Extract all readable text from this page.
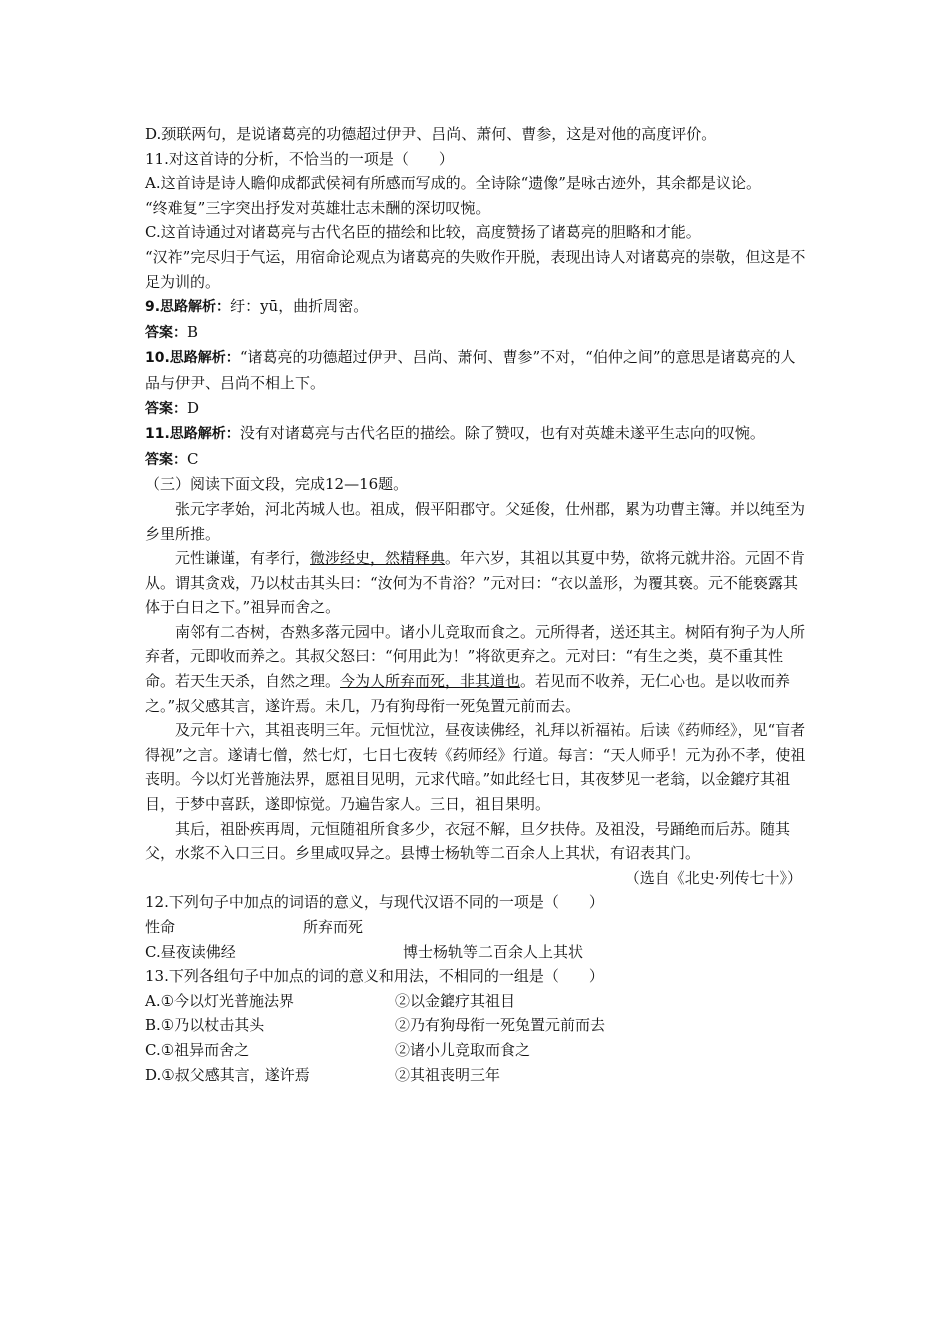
D.颈联两句，是说诸葛亮的功德超过伊尹、吕尚、萧何、曹参，这是对他的高度评价。
11.对这首诗的分析，不恰当的一项是（　　）
A.这首诗是诗人瞻仰成都武侯祠有所感而写成的。全诗除“遗像”是咏古迹外，其余都是议论。
“终难复”三字突出抒发对英雄壮志未酬的深切叹惋。
C.这首诗通过对诸葛亮与古代名臣的描绘和比较，高度赞扬了诸葛亮的胆略和才能。
“汉祚”完尽归于气运，用宿命论观点为诸葛亮的失败作开脱，表现出诗人对诸葛亮的崇敬，但这是不足为训的。
9.思路解析：纡：yū，曲折周密。
答案：B
10.思路解析：“诸葛亮的功德超过伊尹、吕尚、萧何、曹参”不对，“伯仲之间”的意思是诸葛亮的人品与伊尹、吕尚不相上下。
答案：D
11.思路解析：没有对诸葛亮与古代名臣的描绘。除了赞叹，也有对英雄未遂平生志向的叹惋。
答案：C
（三）阅读下面文段，完成12—16题。
张元字孝始，河北芮城人也。祖成，假平阳郡守。父延俊，仕州郡，累为功曹主簿。并以纯至为乡里所推。
元性谦谨，有孝行，微涉经史，然精释典。年六岁，其祖以其夏中势，欲将元就井浴。元固不肯从。谓其贪戏，乃以杖击其头曰：“汝何为不肯浴？”元对曰：“衣以盖形，为覆其亵。元不能亵露其体于白日之下。”祖异而舍之。
南邻有二杏树，杏熟多落元园中。诸小儿竞取而食之。元所得者，送还其主。树陌有狗子为人所弃者，元即收而养之。其叔父怒曰：“何用此为！”将欲更弃之。元对曰：“有生之类，莫不重其性命。若天生天杀，自然之理。今为人所弃而死，非其道也。若见而不收养，无仁心也。是以收而养之。”叔父感其言，遂许焉。未几，乃有狗母衔一死兔置元前而去。
及元年十六，其祖丧明三年。元恒忧泣，昼夜读佛经，礼拜以祈福祐。后读《药师经》，见“盲者得视”之言。遂请七僧，然七灯，七日七夜转《药师经》行道。每言：“天人师乎！元为孙不孝，使祖丧明。今以灯光普施法界，愿祖目见明，元求代暗。”如此经七日，其夜梦见一老翁，以金鎞疗其祖目，于梦中喜跃，遂即惊觉。乃遍告家人。三日，祖目果明。
其后，祖卧疾再周，元恒随祖所食多少，衣冠不解，旦夕扶侍。及祖没，号踊绝而后苏。随其父，水浆不入口三日。乡里咸叹异之。县博士杨轨等二百余人上其状，有诏表其门。
（选自《北史·列传七十》）
12.下列句子中加点的词语的意义，与现代汉语不同的一项是（　　）
性命	所弃而死
C.昼夜读佛经	博士杨轨等二百余人上其状
13.下列各组句子中加点的词的意义和用法，不相同的一组是（　　）
A.①今以灯光普施法界	②以金鎞疗其祖目
B.①乃以杖击其头	②乃有狗母衔一死兔置元前而去
C.①祖异而舍之	②诸小儿竞取而食之
D.①叔父感其言，遂许焉	②其祖丧明三年
